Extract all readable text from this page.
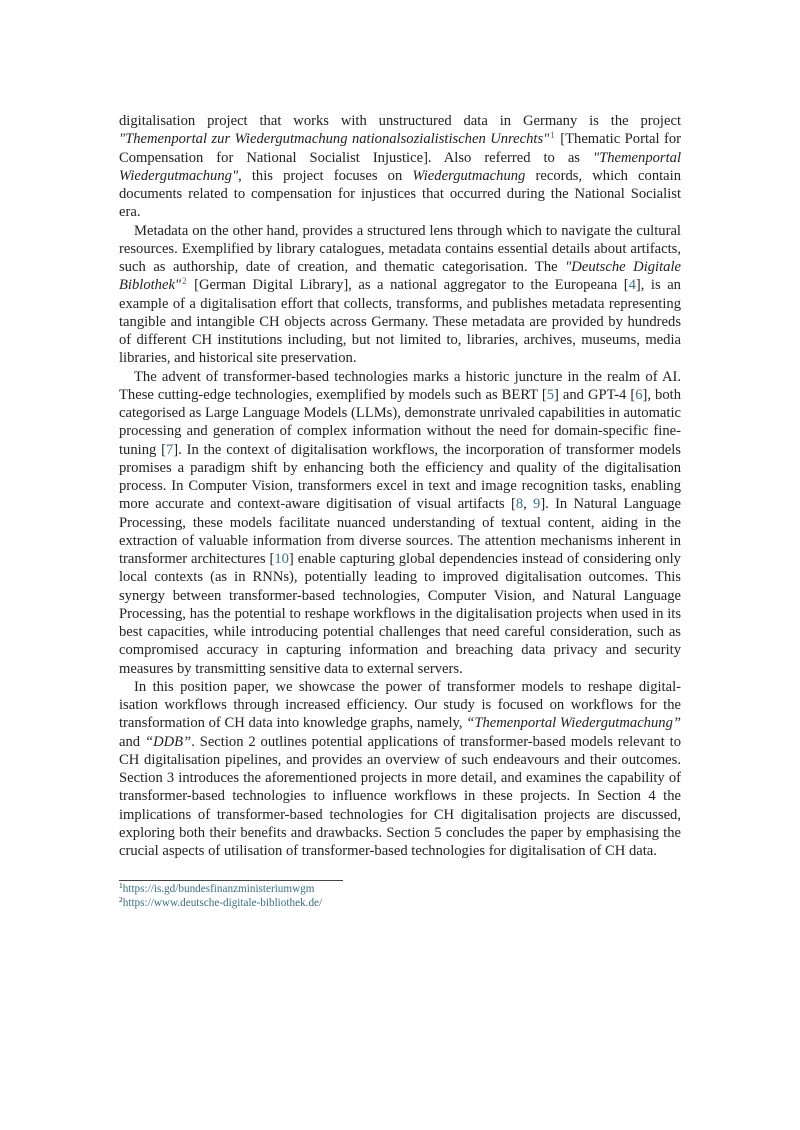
digitalisation project that works with unstructured data in Germany is the project "Themenportal zur Wiedergutmachung nationalsozialistischen Unrechts"$^1$ [Thematic Portal for Compensation for National Socialist Injustice]. Also referred to as "Themenportal Wiedergutmachung", this project focuses on Wiedergutmachung records, which contain documents related to compensation for injustices that occurred during the National Socialist era.

Metadata on the other hand, provides a structured lens through which to navigate the cultural resources. Exemplified by library catalogues, metadata contains essential details about artifacts, such as authorship, date of creation, and thematic categorisation. The "Deutsche Digitale Biblothek"$^2$ [German Digital Library], as a national aggregator to the Europeana [4], is an example of a digitalisation effort that collects, transforms, and publishes metadata representing tangible and intangible CH objects across Germany. These metadata are provided by hundreds of different CH institutions including, but not limited to, libraries, archives, museums, media libraries, and historical site preservation.

The advent of transformer-based technologies marks a historic juncture in the realm of AI. These cutting-edge technologies, exemplified by models such as BERT [5] and GPT-4 [6], both categorised as Large Language Models (LLMs), demonstrate unrivaled capabilities in automatic processing and generation of complex information without the need for domain-specific fine-tuning [7]. In the context of digitalisation workflows, the incorporation of transformer models promises a paradigm shift by enhancing both the efficiency and quality of the digitalisation process. In Computer Vision, transformers excel in text and image recognition tasks, enabling more accurate and context-aware digitisation of visual artifacts [8, 9]. In Natural Language Processing, these models facilitate nuanced understanding of textual content, aiding in the extraction of valuable information from diverse sources. The attention mechanisms inherent in transformer architectures [10] enable capturing global dependencies instead of considering only local contexts (as in RNNs), potentially leading to improved digitalisation outcomes. This synergy between transformer-based technologies, Computer Vision, and Natural Language Processing, has the potential to reshape workflows in the digitalisation projects when used in its best capacities, while introducing potential challenges that need careful consideration, such as compromised accuracy in capturing information and breaching data privacy and security measures by transmitting sensitive data to external servers.

In this position paper, we showcase the power of transformer models to reshape digital-isation workflows through increased efficiency. Our study is focused on workflows for the transformation of CH data into knowledge graphs, namely, “Themenportal Wiedergutmachung” and “DDB”. Section 2 outlines potential applications of transformer-based models relevant to CH digitalisation pipelines, and provides an overview of such endeavours and their outcomes. Section 3 introduces the aforementioned projects in more detail, and examines the capability of transformer-based technologies to influence workflows in these projects. In Section 4 the implications of transformer-based technologies for CH digitalisation projects are discussed, exploring both their benefits and drawbacks. Section 5 concludes the paper by emphasising the crucial aspects of utilisation of transformer-based technologies for digitalisation of CH data.

$^1$https://is.gd/bundesfinanzministeriumwgm
$^2$https://www.deutsche-digitale-bibliothek.de/
